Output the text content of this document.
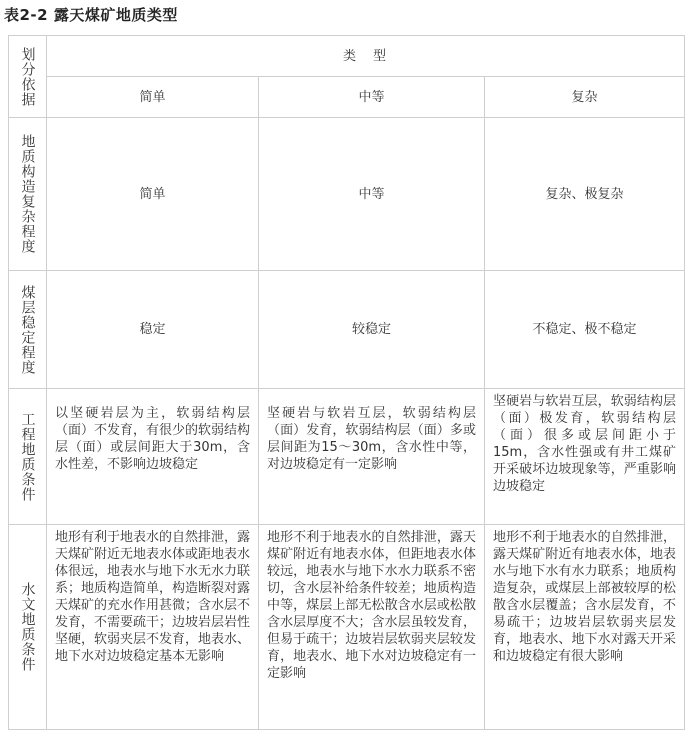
表2-2 露天煤矿地质类型
划分依据	类　型		
	简单	中等	复杂

地质构造复杂程度	简单	中等	复杂、极复杂

煤层稳定程度	稳定	较稳定	不稳定、极不稳定

工程地质条件	以坚硬岩层为主，软弱结构层（面）不发育，有很少的软弱结构层（面）或层间距大于30m，含水性差，不影响边坡稳定	坚硬岩与软岩互层，软弱结构层（面）发育，软弱结构层（面）多或层间距为15～30m，含水性中等，对边坡稳定有一定影响	坚硬岩与软岩互层，软弱结构层（面）极发育，软弱结构层（面）很多或层间距小于15m，含水性强或有井工煤矿开采破坏边坡现象等，严重影响边坡稳定

水文地质条件	地形有利于地表水的自然排泄，露天煤矿附近无地表水体或距地表水体很远，地表水与地下水无水力联系；地质构造简单，构造断裂对露天煤矿的充水作用甚微；含水层不发育，不需要疏干；边坡岩层岩性坚硬，软弱夹层不发育，地表水、地下水对边坡稳定基本无影响	地形不利于地表水的自然排泄，露天煤矿附近有地表水体，但距地表水体较远，地表水与地下水水力联系不密切，含水层补给条件较差；地质构造中等，煤层上部无松散含水层或松散含水层厚度不大；含水层虽较发育，但易于疏干；边坡岩层软弱夹层较发育，地表水、地下水对边坡稳定有一定影响	地形不利于地表水的自然排泄，露天煤矿附近有地表水体，地表水与地下水有水力联系；地质构造复杂，或煤层上部被较厚的松散含水层覆盖；含水层发育，不易疏干；边坡岩层软弱夹层发育，地表水、地下水对露天开采和边坡稳定有很大影响
